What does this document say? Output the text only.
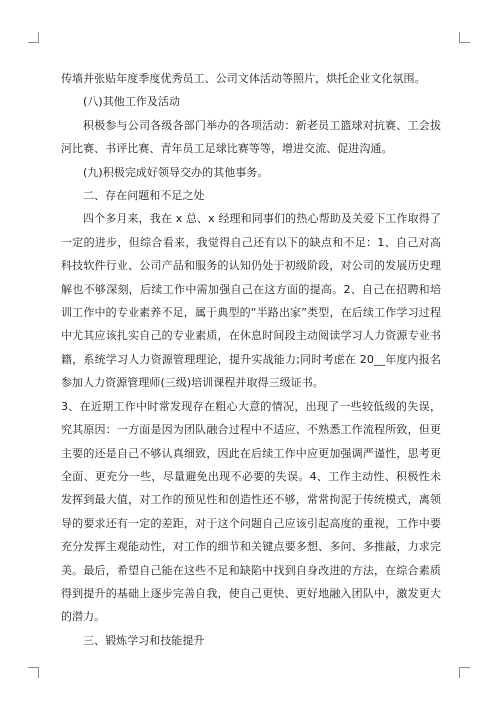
传墙并张贴年度季度优秀员工、公司文体活动等照片，烘托企业文化氛围。

(八)其他工作及活动

积极参与公司各级各部门举办的各项活动：新老员工篮球对抗赛、工会拔河比赛、书评比赛、青年员工足球比赛等等，增进交流、促进沟通。

(九)积极完成好领导交办的其他事务。

二、存在问题和不足之处

四个多月来，我在 x 总、x 经理和同事们的热心帮助及关爱下工作取得了一定的进步，但综合看来，我觉得自己还有以下的缺点和不足：1、自己对高科技软件行业、公司产品和服务的认知仍处于初级阶段，对公司的发展历史理解也不够深刻，后续工作中需加强自己在这方面的提高。2、自己在招聘和培训工作中的专业素养不足，属于典型的“半路出家”类型，在后续工作学习过程中尤其应该扎实自己的专业素质，在休息时间段主动阅读学习人力资源专业书籍，系统学习人力资源管理理论，提升实战能力;同时考虑在 20__年度内报名参加人力资源管理师(三级)培训课程并取得三级证书。

3、在近期工作中时常发现存在粗心大意的情况，出现了一些较低级的失误，究其原因：一方面是因为团队融合过程中不适应、不熟悉工作流程所致，但更主要的还是自己不够认真细致，因此在后续工作中应更加强调严谨性，思考更全面、更充分一些，尽量避免出现不必要的失误。4、工作主动性、积极性未发挥到最大值，对工作的预见性和创造性还不够，常常拘泥于传统模式，离领导的要求还有一定的差距，对于这个问题自己应该引起高度的重视，工作中要充分发挥主观能动性，对工作的细节和关键点要多想、多问、多推敲，力求完美。最后，希望自己能在这些不足和缺陷中找到自身改进的方法，在综合素质得到提升的基础上逐步完善自我，使自己更快、更好地融入团队中，激发更大的潜力。

三、锻炼学习和技能提升
